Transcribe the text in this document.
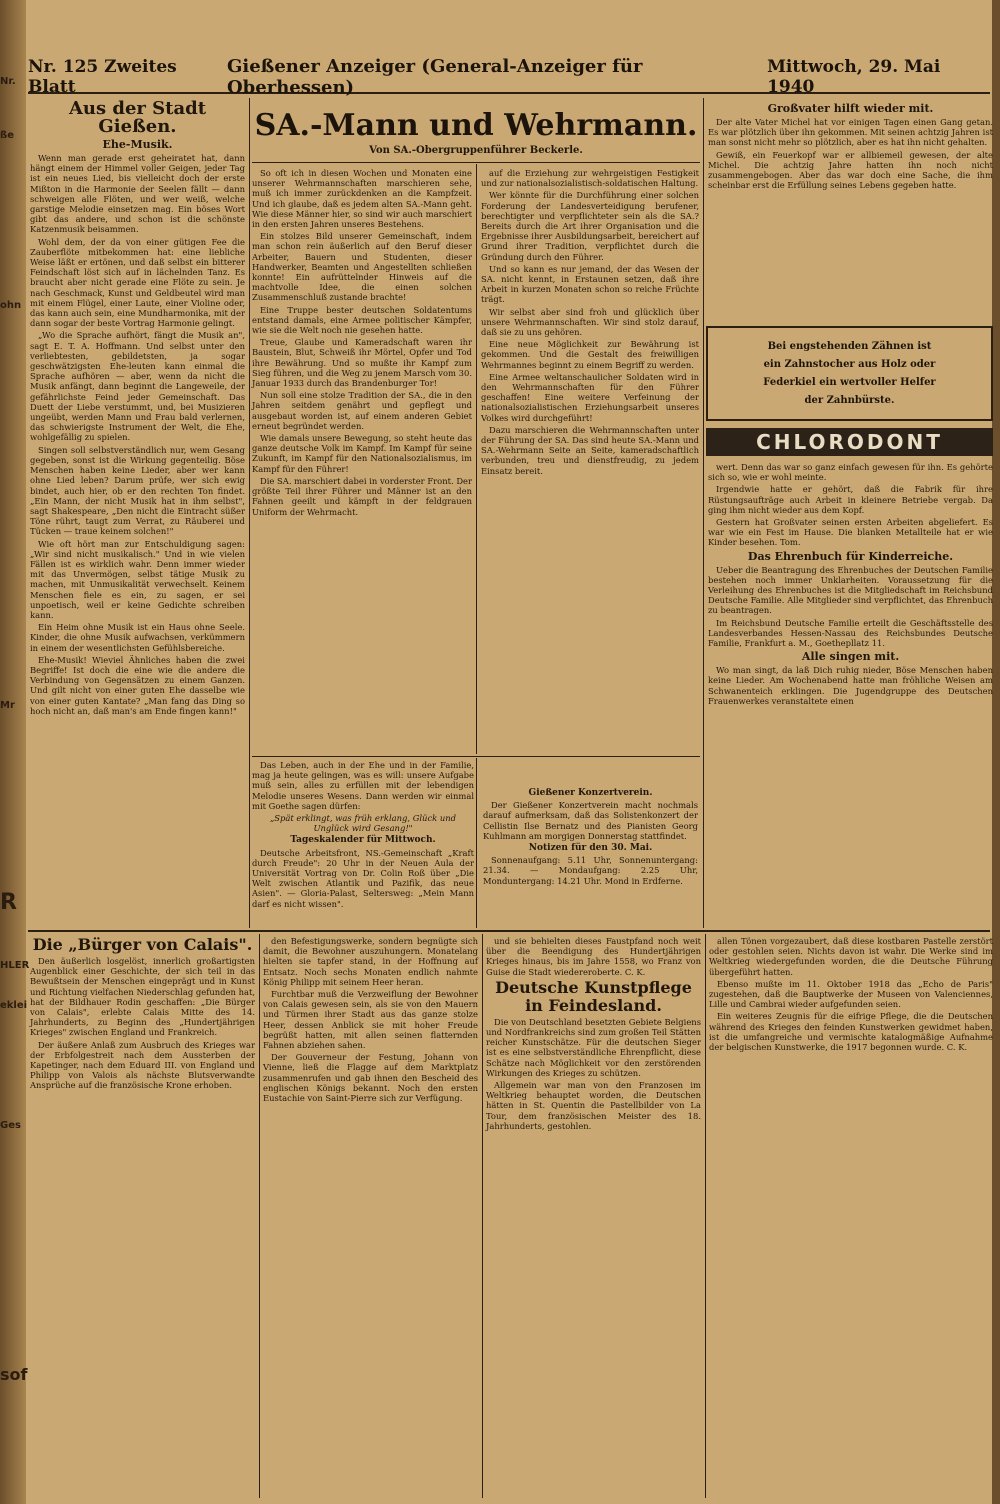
Nr.
ße
ohn
Mr
R
HLER
eklei
Ges
sof
Nr. 125 Zweites Blatt
Gießener Anzeiger (General-Anzeiger für Oberhessen)
Mittwoch, 29. Mai 1940

Aus der Stadt Gießen.

Ehe-Musik.

Wenn man gerade erst geheiratet hat, dann hängt einem der Himmel voller Geigen, jeder Tag ist ein neues Lied, bis vielleicht doch der erste Mißton in die Harmonie der Seelen fällt — dann schweigen alle Flöten, und wer weiß, welche garstige Melodie einsetzen mag. Ein böses Wort gibt das andere, und schon ist die schönste Katzenmusik beisammen.

Wohl dem, der da von einer gütigen Fee die Zauberflöte mitbekommen hat: eine liebliche Weise läßt er ertönen, und daß selbst ein bitterer Feindschaft löst sich auf in lächelnden Tanz. Es braucht aber nicht gerade eine Flöte zu sein. Je nach Geschmack, Kunst und Geldbeutel wird man mit einem Flügel, einer Laute, einer Violine oder, das kann auch sein, eine Mundharmonika, mit der dann sogar der beste Vortrag Harmonie gelingt.

„Wo die Sprache aufhört, fängt die Musik an", sagt E. T. A. Hoffmann. Und selbst unter den verliebtesten, gebildetsten, ja sogar geschwätzigsten Ehe-leuten kann einmal die Sprache aufhören — aber, wenn da nicht die Musik anfängt, dann beginnt die Langeweile, der gefährlichste Feind jeder Gemeinschaft. Das Duett der Liebe verstummt, und, bei Musizieren ungeübt, werden Mann und Frau bald verlernen, das schwierigste Instrument der Welt, die Ehe, wohlgefällig zu spielen.

Singen soll selbstverständlich nur, wem Gesang gegeben, sonst ist die Wirkung gegenteilig. Böse Menschen haben keine Lieder, aber wer kann ohne Lied leben? Darum prüfe, wer sich ewig bindet, auch hier, ob er den rechten Ton findet. „Ein Mann, der nicht Musik hat in ihm selbst", sagt Shakespeare, „Den nicht die Eintracht süßer Töne rührt, taugt zum Verrat, zu Räuberei und Tücken — traue keinem solchen!"

Wie oft hört man zur Entschuldigung sagen: „Wir sind nicht musikalisch." Und in wie vielen Fällen ist es wirklich wahr. Denn immer wieder mit das Unvermögen, selbst tätige Musik zu machen, mit Unmusikalität verwechselt. Keinem Menschen fiele es ein, zu sagen, er sei unpoetisch, weil er keine Gedichte schreiben kann.

Ein Heim ohne Musik ist ein Haus ohne Seele. Kinder, die ohne Musik aufwachsen, verkümmern in einem der wesentlichsten Gefühlsbereiche.

Ehe-Musik! Wieviel Ähnliches haben die zwei Begriffe! Ist doch die eine wie die andere die Verbindung von Gegensätzen zu einem Ganzen. Und gilt nicht von einer guten Ehe dasselbe wie von einer guten Kantate? „Man fang das Ding so hoch nicht an, daß man's am Ende fingen kann!"

SA.-Mann und Wehrmann.
Von SA.-Obergruppenführer Beckerle.

So oft ich in diesen Wochen und Monaten eine unserer Wehrmannschaften marschieren sehe, muß ich immer zurückdenken an die Kampfzeit. Und ich glaube, daß es jedem alten SA.-Mann geht. Wie diese Männer hier, so sind wir auch marschiert in den ersten Jahren unseres Bestehens.

Ein stolzes Bild unserer Gemeinschaft, indem man schon rein äußerlich auf den Beruf dieser Arbeiter, Bauern und Studenten, dieser Handwerker, Beamten und Angestellten schließen konnte! Ein aufrüttelnder Hinweis auf die machtvolle Idee, die einen solchen Zusammenschluß zustande brachte!

Eine Truppe bester deutschen Soldatentums entstand damals, eine Armee politischer Kämpfer, wie sie die Welt noch nie gesehen hatte.

Treue, Glaube und Kameradschaft waren ihr Baustein, Blut, Schweiß ihr Mörtel, Opfer und Tod ihre Bewährung. Und so mußte ihr Kampf zum Sieg führen, und die Weg zu jenem Marsch vom 30. Januar 1933 durch das Brandenburger Tor!

Nun soll eine stolze Tradition der SA., die in den Jahren seitdem genährt und gepflegt und ausgebaut worden ist, auf einem anderen Gebiet erneut begründet werden.

Wie damals unsere Bewegung, so steht heute das ganze deutsche Volk im Kampf. Im Kampf für seine Zukunft, im Kampf für den Nationalsozialismus, im Kampf für den Führer!

Die SA. marschiert dabei in vorderster Front. Der größte Teil ihrer Führer und Männer ist an den Fahnen geeilt und kämpft in der feldgrauen Uniform der Wehrmacht.

auf die Erziehung zur wehrgeistigen Festigkeit und zur nationalsozialistisch-soldatischen Haltung.

Wer könnte für die Durchführung einer solchen Forderung der Landesverteidigung berufener, berechtigter und verpflichteter sein als die SA.? Bereits durch die Art ihrer Organisation und die Ergebnisse ihrer Ausbildungsarbeit, bereichert auf Grund ihrer Tradition, verpflichtet durch die Gründung durch den Führer.

Und so kann es nur jemand, der das Wesen der SA. nicht kennt, in Erstaunen setzen, daß ihre Arbeit in kurzen Monaten schon so reiche Früchte trägt.

Wir selbst aber sind froh und glücklich über unsere Wehrmannschaften. Wir sind stolz darauf, daß sie zu uns gehören.

Eine neue Möglichkeit zur Bewährung ist gekommen. Und die Gestalt des freiwilligen Wehrmannes beginnt zu einem Begriff zu werden.

Eine Armee weltanschaulicher Soldaten wird in den Wehrmannschaften für den Führer geschaffen! Eine weitere Verfeinung der nationalsozialistischen Erziehungsarbeit unseres Volkes wird durchgeführt!

Dazu marschieren die Wehrmannschaften unter der Führung der SA. Das sind heute SA.-Mann und SA.-Wehrmann Seite an Seite, kameradschaftlich verbunden, treu und dienstfreudig, zu jedem Einsatz bereit.

Das Leben, auch in der Ehe und in der Familie, mag ja heute gelingen, was es will: unsere Aufgabe muß sein, alles zu erfüllen mit der lebendigen Melodie unseres Wesens. Dann werden wir einmal mit Goethe sagen dürfen:

„Spät erklingt, was früh erklang, Glück und Unglück wird Gesang!"

Tageskalender für Mittwoch.

Deutsche Arbeitsfront, NS.-Gemeinschaft „Kraft durch Freude": 20 Uhr in der Neuen Aula der Universität Vortrag von Dr. Colin Roß über „Die Welt zwischen Atlantik und Pazifik, das neue Asien". — Gloria-Palast, Seltersweg: „Mein Mann darf es nicht wissen".

Gießener Konzertverein.

Der Gießener Konzertverein macht nochmals darauf aufmerksam, daß das Solistenkonzert der Cellistin Ilse Bernatz und des Pianisten Georg Kuhlmann am morgigen Donnerstag stattfindet.

Notizen für den 30. Mai.

Sonnenaufgang: 5.11 Uhr, Sonnenuntergang: 21.34. — Mondaufgang: 2.25 Uhr, Monduntergang: 14.21 Uhr. Mond in Erdferne.

Großvater hilft wieder mit.

Der alte Vater Michel hat vor einigen Tagen einen Gang getan. Es war plötzlich über ihn gekommen. Mit seinen achtzig Jahren ist man sonst nicht mehr so plötzlich, aber es hat ihn nicht gehalten.

Gewiß, ein Feuerkopf war er allbiemeil gewesen, der alte Michel. Die achtzig Jahre hatten ihn noch nicht zusammengebogen. Aber das war doch eine Sache, die ihm scheinbar erst die Erfüllung seines Lebens gegeben hatte.

Bei engstehenden Zähnen ist
ein Zahnstocher aus Holz oder
Federkiel ein wertvoller Helfer
der Zahnbürste.
CHLORODONT

wert. Denn das war so ganz einfach gewesen für ihn. Es gehörte sich so, wie er wohl meinte.

Irgendwie hatte er gehört, daß die Fabrik für ihre Rüstungsaufträge auch Arbeit in kleinere Betriebe vergab. Da ging ihm nicht wieder aus dem Kopf.

Gestern hat Großvater seinen ersten Arbeiten abgeliefert. Es war wie ein Fest im Hause. Die blanken Metallteile hat er wie Kinder besehen. Tom.

Das Ehrenbuch für Kinderreiche.

Ueber die Beantragung des Ehrenbuches der Deutschen Familie bestehen noch immer Unklarheiten. Voraussetzung für die Verleihung des Ehrenbuches ist die Mitgliedschaft im Reichsbund Deutsche Familie. Alle Mitglieder sind verpflichtet, das Ehrenbuch zu beantragen.

Im Reichsbund Deutsche Familie erteilt die Geschäftsstelle des Landesverbandes Hessen-Nassau des Reichsbundes Deutsche Familie, Frankfurt a. M., Goethepllatz 11.

Alle singen mit.

Wo man singt, da laß Dich ruhig nieder, Böse Menschen haben keine Lieder. Am Wochenabend hatte man fröhliche Weisen am Schwanenteich erklingen. Die Jugendgruppe des Deutschen Frauenwerkes veranstaltete einen

Die „Bürger von Calais".

Den äußerlich losgelöst, innerlich großartigsten Augenblick einer Geschichte, der sich teil in das Bewußtsein der Menschen eingeprägt und in Kunst und Richtung vielfachen Niederschlag gefunden hat, hat der Bildhauer Rodin geschaffen: „Die Bürger von Calais", erlebte Calais Mitte des 14. Jahrhunderts, zu Beginn des „Hundertjährigen Krieges" zwischen England und Frankreich.

Der äußere Anlaß zum Ausbruch des Krieges war der Erbfolgestreit nach dem Aussterben der Kapetinger, nach dem Eduard III. von England und Philipp von Valois als nächste Blutsverwandte Ansprüche auf die französische Krone erhoben.

den Befestigungswerke, sondern begnügte sich damit, die Bewohner auszuhungern. Monatelang hielten sie tapfer stand, in der Hoffnung auf Entsatz. Noch sechs Monaten endlich nahmte König Philipp mit seinem Heer heran.

Furchtbar muß die Verzweiflung der Bewohner von Calais gewesen sein, als sie von den Mauern und Türmen ihrer Stadt aus das ganze stolze Heer, dessen Anblick sie mit hoher Freude begrüßt hatten, mit allen seinen flatternden Fahnen abziehen sahen.

Der Gouverneur der Festung, Johann von Vienne, ließ die Flagge auf dem Marktplatz zusammenrufen und gab ihnen den Bescheid des englischen Königs bekannt. Noch den ersten Eustachie von Saint-Pierre sich zur Verfügung.

und sie behielten dieses Faustpfand noch weit über die Beendigung des Hundertjährigen Krieges hinaus, bis im Jahre 1558, wo Franz von Guise die Stadt wiedereroberte. C. K.

Deutsche Kunstpflege in Feindesland.

Die von Deutschland besetzten Gebiete Belgiens und Nordfrankreichs sind zum großen Teil Stätten reicher Kunstschätze. Für die deutschen Sieger ist es eine selbstverständliche Ehrenpflicht, diese Schätze nach Möglichkeit vor den zerstörenden Wirkungen des Krieges zu schützen.

Allgemein war man von den Franzosen im Weltkrieg behauptet worden, die Deutschen hätten in St. Quentin die Pastellbilder von La Tour, dem französischen Meister des 18. Jahrhunderts, gestohlen.

allen Tönen vorgezaubert, daß diese kostbaren Pastelle zerstört oder gestohlen seien. Nichts davon ist wahr. Die Werke sind im Weltkrieg wiedergefunden worden, die die Deutsche Führung übergeführt hatten.

Ebenso mußte im 11. Oktober 1918 das „Echo de Paris" zugestehen, daß die Bauptwerke der Museen von Valenciennes, Lille und Cambrai wieder aufgefunden seien.

Ein weiteres Zeugnis für die eifrige Pflege, die die Deutschen während des Krieges den feinden Kunstwerken gewidmet haben, ist die umfangreiche und vermischte katalogmäßige Aufnahme der belgischen Kunstwerke, die 1917 begonnen wurde. C. K.
